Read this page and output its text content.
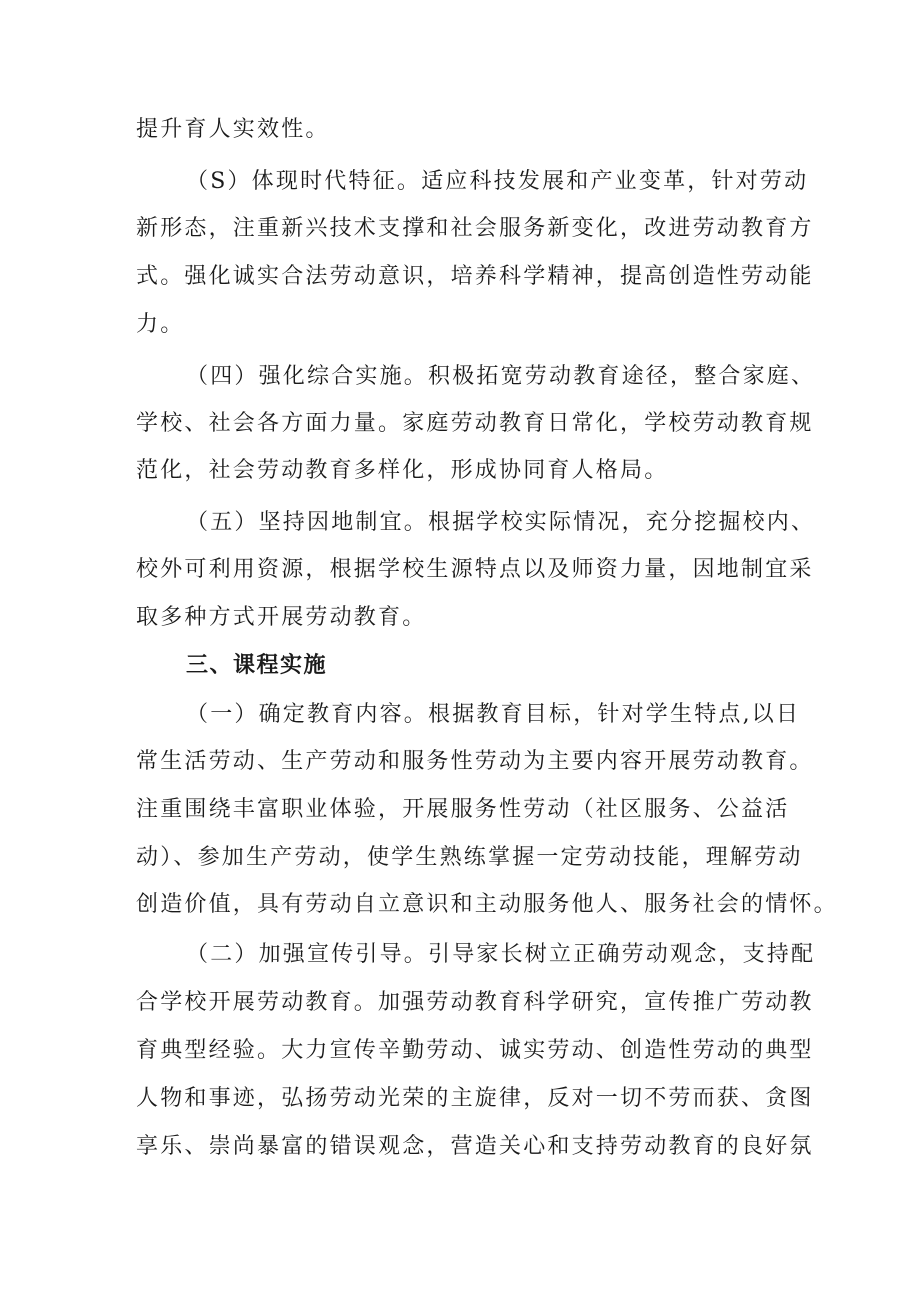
提升育人实效性。
（S）体现时代特征。适应科技发展和产业变革，针对劳动
新形态，注重新兴技术支撑和社会服务新变化，改进劳动教育方
式。强化诚实合法劳动意识，培养科学精神，提高创造性劳动能
力。
（四）强化综合实施。积极拓宽劳动教育途径，整合家庭、
学校、社会各方面力量。家庭劳动教育日常化，学校劳动教育规
范化，社会劳动教育多样化，形成协同育人格局。
（五）坚持因地制宜。根据学校实际情况，充分挖掘校内、
校外可利用资源，根据学校生源特点以及师资力量，因地制宜采
取多种方式开展劳动教育。
三、课程实施
（一）确定教育内容。根据教育目标，针对学生特点,以日
常生活劳动、生产劳动和服务性劳动为主要内容开展劳动教育。
注重围绕丰富职业体验，开展服务性劳动（社区服务、公益活
动）、参加生产劳动，使学生熟练掌握一定劳动技能，理解劳动
创造价值，具有劳动自立意识和主动服务他人、服务社会的情怀。
（二）加强宣传引导。引导家长树立正确劳动观念，支持配
合学校开展劳动教育。加强劳动教育科学研究，宣传推广劳动教
育典型经验。大力宣传辛勤劳动、诚实劳动、创造性劳动的典型
人物和事迹，弘扬劳动光荣的主旋律，反对一切不劳而获、贪图
享乐、崇尚暴富的错误观念，营造关心和支持劳动教育的良好氛
